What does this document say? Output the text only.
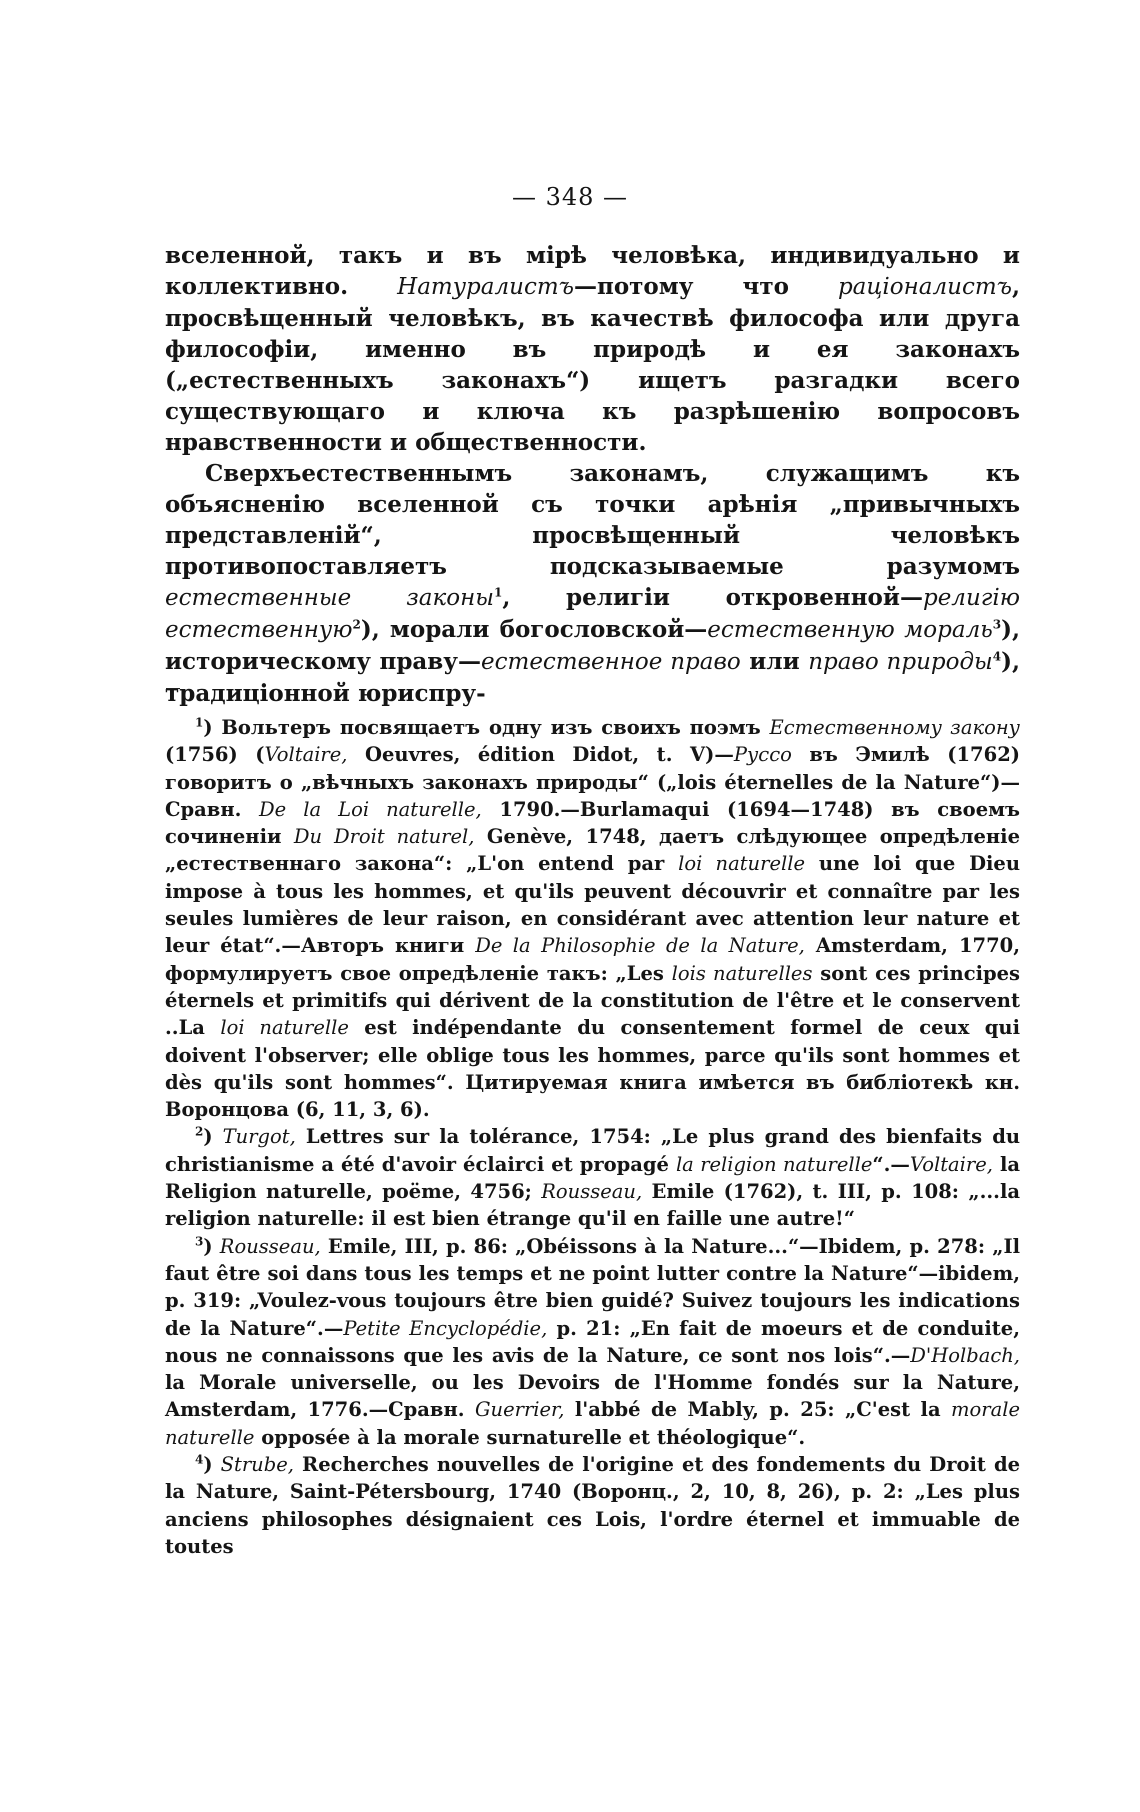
— 348 —

вселенной, такъ и въ мірѣ человѣка, индивидуально и коллективно. Натуралистъ—потому что раціоналистъ, просвѣщенный человѣкъ, въ качествѣ философа или друга философіи, именно въ природѣ и ея законахъ („естественныхъ законахъ“) ищетъ разгадки всего существующаго и ключа къ разрѣшенію вопросовъ нравственности и общественности.

Сверхъестественнымъ законамъ, служащимъ къ объясненію вселенной съ точки арѣнія „привычныхъ представленій“, просвѣщенный человѣкъ противопоставляетъ подсказываемые разумомъ естественные законы$^1$, религіи откровенной—религію естественную$^2$), морали богословской—естественную мораль$^3$), историческому праву—естественное право или право природы$^4$), традиціонной юриспру-

$^1$) Вольтеръ посвящаетъ одну изъ своихъ поэмъ Естественному закону (1756) (Voltaire, Oeuvres, édition Didot, t. V)—Руссо въ Эмилѣ (1762) говоритъ о „вѣчныхъ законахъ природы“ („lois éternelles de la Nature“)—Сравн. De la Loi naturelle, 1790.—Burlamaqui (1694—1748) въ своемъ сочиненіи Du Droit naturel, Genève, 1748, даетъ слѣдующее опредѣленіе „естественнаго закона“: „L'on entend par loi naturelle une loi que Dieu impose à tous les hommes, et qu'ils peuvent découvrir et connaître par les seules lumières de leur raison, en considérant avec attention leur nature et leur état“.—Авторъ книги De la Philosophie de la Nature, Amsterdam, 1770, формулируетъ свое опредѣленіе такъ: „Les lois naturelles sont ces principes éternels et primitifs qui dérivent de la constitution de l'être et le conservent ..La loi naturelle est indépendante du consentement formel de ceux qui doivent l'observer; elle oblige tous les hommes, parce qu'ils sont hommes et dès qu'ils sont hommes“. Цитируемая книга имѣется въ библіотекѣ кн. Воронцова (6, 11, 3, 6).

$^2$) Turgot, Lettres sur la tolérance, 1754: „Le plus grand des bienfaits du christianisme a été d'avoir éclairci et propagé la religion naturelle“.—Voltaire, la Religion naturelle, poëme, 4756; Rousseau, Emile (1762), t. III, p. 108: „...la religion naturelle: il est bien étrange qu'il en faille une autre!“

$^3$) Rousseau, Emile, III, p. 86: „Obéissons à la Nature...“—Ibidem, p. 278: „Il faut être soi dans tous les temps et ne point lutter contre la Nature“—ibidem, p. 319: „Voulez-vous toujours être bien guidé? Suivez toujours les indications de la Nature“.—Petite Encyclopédie, p. 21: „En fait de moeurs et de conduite, nous ne connaissons que les avis de la Nature, ce sont nos lois“.—D'Holbach, la Morale universelle, ou les Devoirs de l'Homme fondés sur la Nature, Amsterdam, 1776.—Сравн. Guerrier, l'abbé de Mably, p. 25: „C'est la morale naturelle opposée à la morale surnaturelle et théologique“.

$^4$) Strube, Recherches nouvelles de l'origine et des fondements du Droit de la Nature, Saint-Pétersbourg, 1740 (Воронц., 2, 10, 8, 26), p. 2: „Les plus anciens philosophes désignaient ces Lois, l'ordre éternel et immuable de toutes
